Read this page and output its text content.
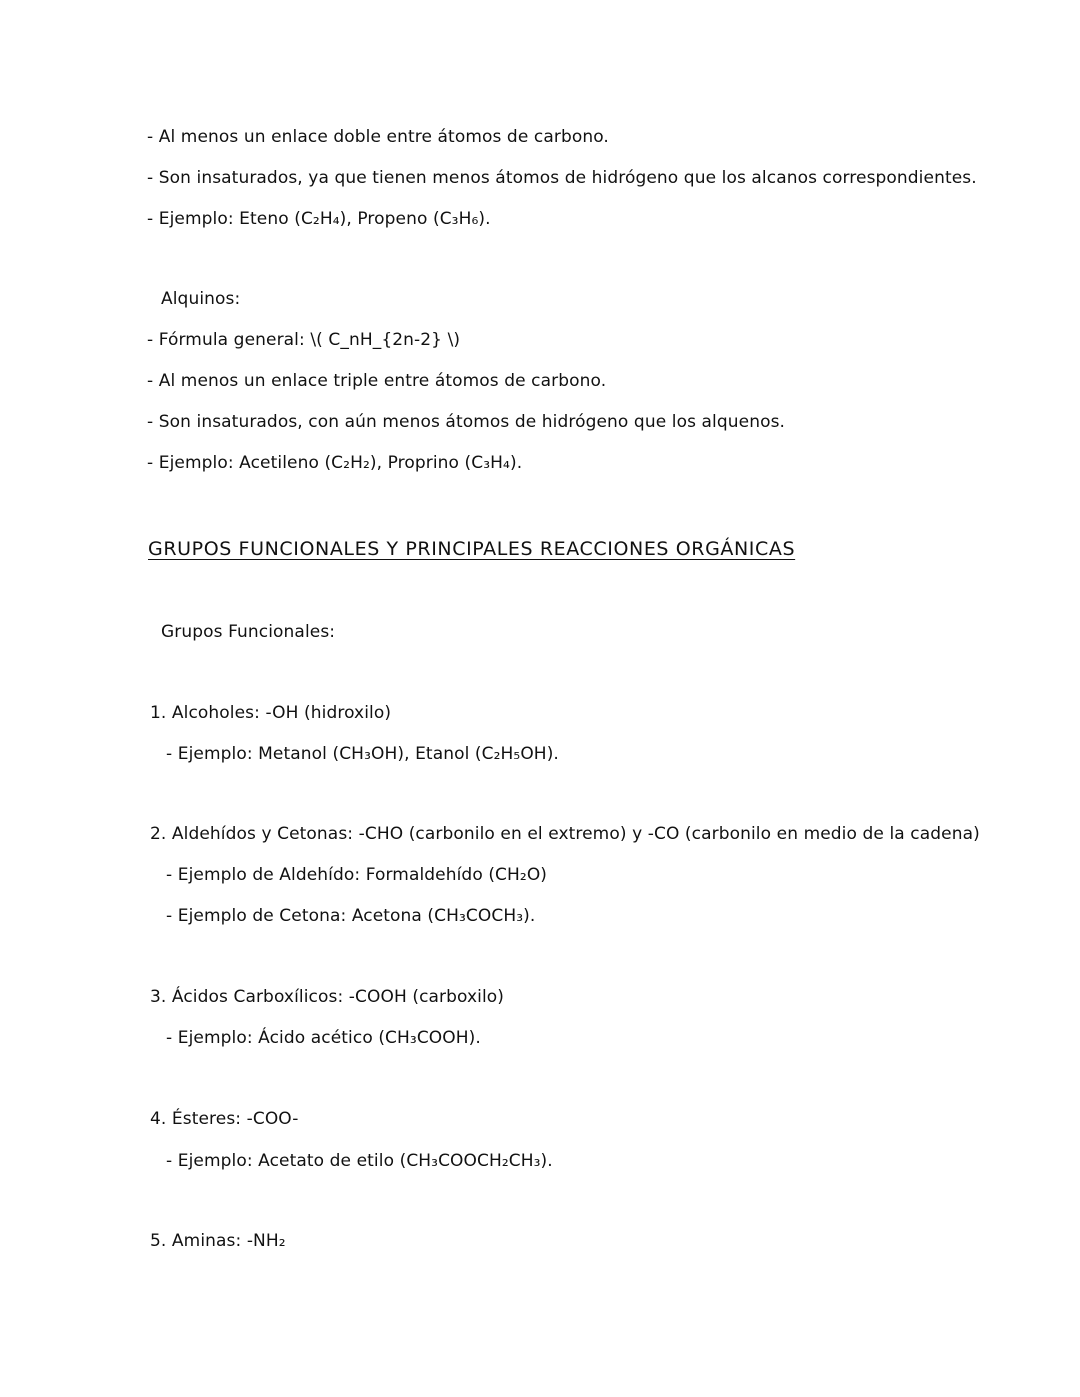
- Al menos un enlace doble entre átomos de carbono.
- Son insaturados, ya que tienen menos átomos de hidrógeno que los alcanos correspondientes.
- Ejemplo: Eteno (C₂H₄), Propeno (C₃H₆).
Alquinos:
- Fórmula general: \( C_nH_{2n-2} \)
- Al menos un enlace triple entre átomos de carbono.
- Son insaturados, con aún menos átomos de hidrógeno que los alquenos.
- Ejemplo: Acetileno (C₂H₂), Proprino (C₃H₄).
GRUPOS FUNCIONALES Y PRINCIPALES REACCIONES ORGÁNICAS
Grupos Funcionales:
1. Alcoholes: -OH (hidroxilo)
- Ejemplo: Metanol (CH₃OH), Etanol (C₂H₅OH).
2. Aldehídos y Cetonas: -CHO (carbonilo en el extremo) y -CO (carbonilo en medio de la cadena)
- Ejemplo de Aldehído: Formaldehído (CH₂O)
- Ejemplo de Cetona: Acetona (CH₃COCH₃).
3. Ácidos Carboxílicos: -COOH (carboxilo)
- Ejemplo: Ácido acético (CH₃COOH).
4. Ésteres: -COO-
- Ejemplo: Acetato de etilo (CH₃COOCH₂CH₃).
5. Aminas: -NH₂
